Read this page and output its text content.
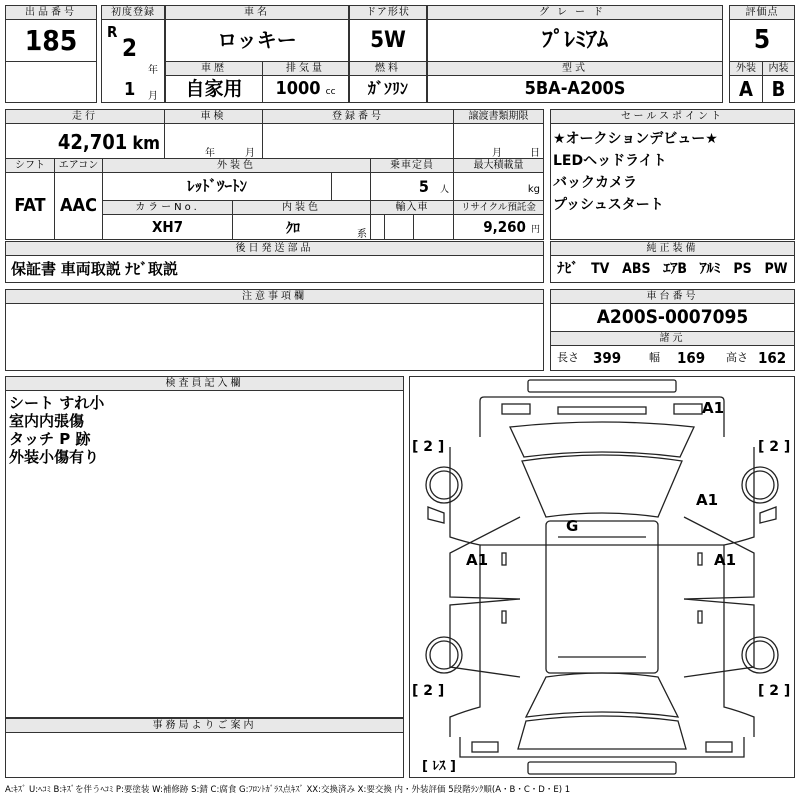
出品番号
185
初度登録
R
2
年
1 月
車名
ロッキー
車歴
自家用
排気量
1000 cc
ドア形状
5W
燃料
ｶﾞｿﾘﾝ
グレード
ﾌﾟﾚﾐｱﾑ
型式
5BA-A200S
評価点
5
外装	内装
A B
走行
42,701 km
車検
年	月
登録番号	譲渡書類期限
月	日
シフト
FAT
エアコン
AAC
外装色
ﾚｯﾄﾞﾂｰﾄﾝ
乗車定員
5 人
最大積載量
kg
カラーNo.
XH7
内装色
ｸﾛ	系
輸入車	リサイクル預託金
9,260 円
セールスポイント
★オークションデビュー★
LEDヘッドライト
バックカメラ
プッシュスタート
後日発送部品
保証書 車両取説 ﾅﾋﾞ取説
純正装備
ﾅﾋﾞ TV ABS ｴｱB ｱﾙﾐ PS PW
注意事項欄	車台番号
A200S-0007095
諸元
長さ 399	幅 169 高さ 162
検査員記入欄
シート すれ小
室内内張傷
タッチ P 跡
外装小傷有り
事務局よりご案内
A1
A1
A1	A1
G
[ 2 ]	[ 2 ]
[ 2 ]	[ 2 ]
[ ﾚｽ ]
A:ｷｽﾞ U:ﾍｺﾐ B:ｷｽﾞを伴うﾍｺﾐ P:要塗装 W:補修跡 S:錆 C:腐食 G:ﾌﾛﾝﾄｶﾞﾗｽ点ｷｽﾞ XX:交換済み X:要交換 内・外装評価 5段階ﾗﾝｸ順(A・B・C・D・E) 1
